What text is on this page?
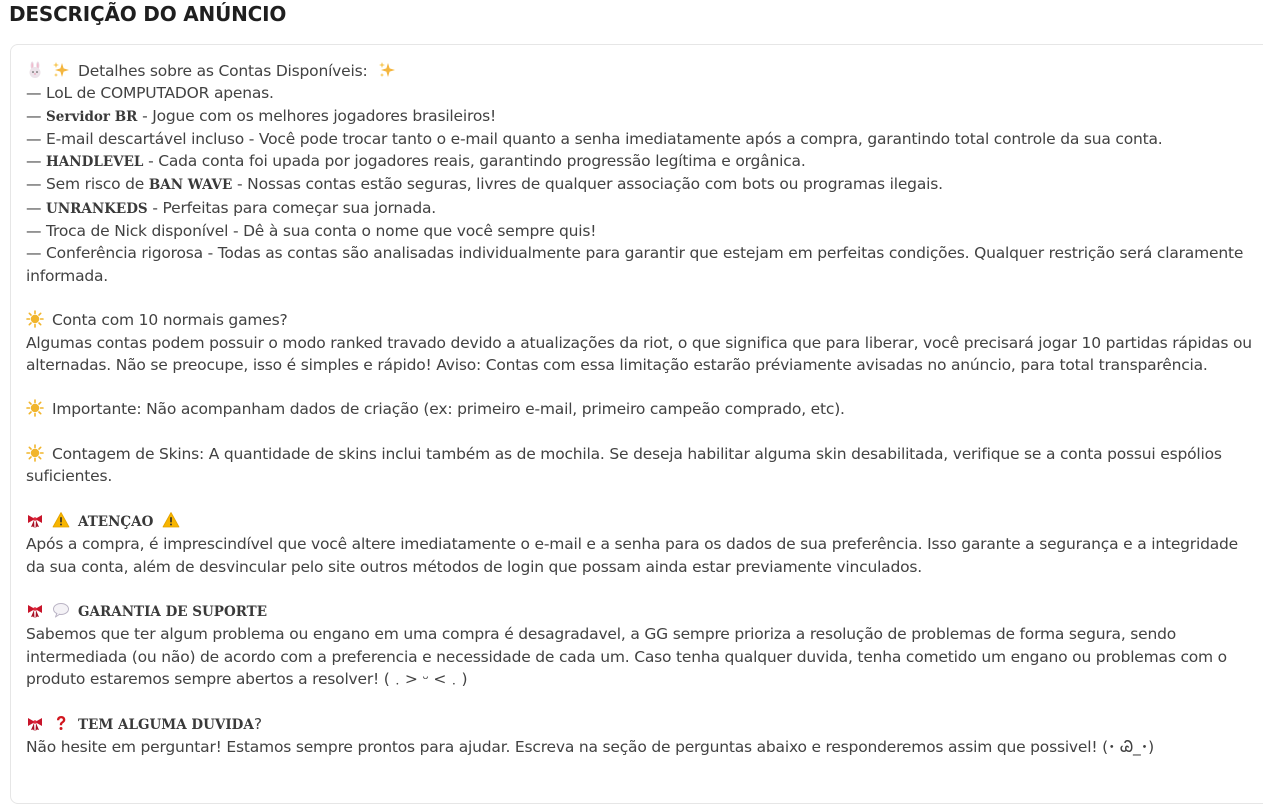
DESCRIÇÃO DO ANÚNCIO
Detalhes sobre as Contas Disponíveis:
— LoL de COMPUTADOR apenas.
— Servidor BR - Jogue com os melhores jogadores brasileiros!
— E-mail descartável incluso - Você pode trocar tanto o e-mail quanto a senha imediatamente após a compra, garantindo total controle da sua conta.
— HANDLEVEL - Cada conta foi upada por jogadores reais, garantindo progressão legítima e orgânica.
— Sem risco de BAN WAVE - Nossas contas estão seguras, livres de qualquer associação com bots ou programas ilegais.
— UNRANKEDS - Perfeitas para começar sua jornada.
— Troca de Nick disponível - Dê à sua conta o nome que você sempre quis!
— Conferência rigorosa - Todas as contas são analisadas individualmente para garantir que estejam em perfeitas condições. Qualquer restrição será claramente informada.
Conta com 10 normais games?
Algumas contas podem possuir o modo ranked travado devido a atualizações da riot, o que significa que para liberar, você precisará jogar 10 partidas rápidas ou alternadas. Não se preocupe, isso é simples e rápido! Aviso: Contas com essa limitação estarão préviamente avisadas no anúncio, para total transparência.
Importante: Não acompanham dados de criação (ex: primeiro e-mail, primeiro campeão comprado, etc).
Contagem de Skins: A quantidade de skins inclui também as de mochila. Se deseja habilitar alguma skin desabilitada, verifique se a conta possui espólios suficientes.
ATENÇAO
Após a compra, é imprescindível que você altere imediatamente o e-mail e a senha para os dados de sua preferência. Isso garante a segurança e a integridade da sua conta, além de desvincular pelo site outros métodos de login que possam ainda estar previamente vinculados.
GARANTIA DE SUPORTE
Sabemos que ter algum problema ou engano em uma compra é desagradavel, a GG sempre prioriza a resolução de problemas de forma segura, sendo intermediada (ou não) de acordo com a preferencia e necessidade de cada um. Caso tenha qualquer duvida, tenha cometido um engano ou problemas com o produto estaremos sempre abertos a resolver! (﹒> ᵕ <﹒)
TEM ALGUMA DUVIDA?
Não hesite em perguntar! Estamos sempre prontos para ajudar. Escreva na seção de perguntas abaixo e responderemos assim que possivel! (･ Ꮚ_･)
